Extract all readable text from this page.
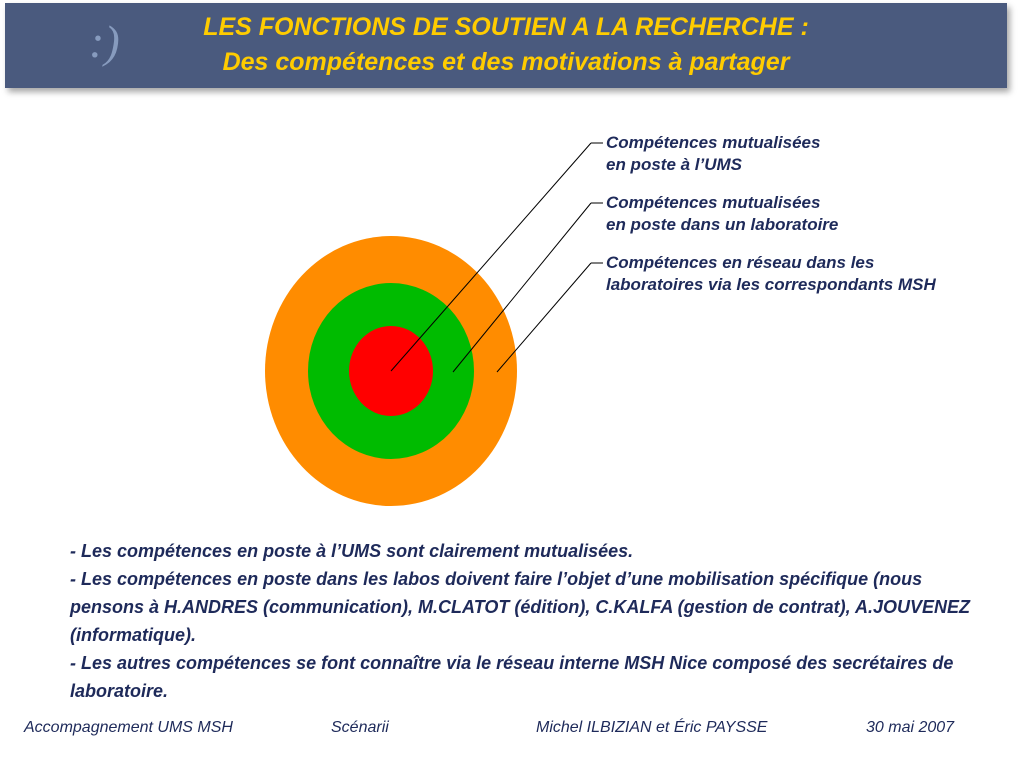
:)	LES FONCTIONS DE SOUTIEN A LA RECHERCHE :
Des compétences et des motivations à partager
Compétences mutualisées
en poste à l’UMS
Compétences mutualisées
en poste dans un laboratoire
Compétences en réseau dans les
laboratoires via les correspondants MSH

- Les compétences en poste à l’UMS sont clairement mutualisées.

- Les compétences en poste dans les labos doivent faire l’objet d’une mobilisation spécifique (nous pensons à H.ANDRES (communication), M.CLATOT (édition), C.KALFA (gestion de contrat), A.JOUVENEZ (informatique).

- Les autres compétences se font connaître via le réseau interne MSH Nice composé des secrétaires de laboratoire.

Accompagnement UMS MSH	Scénarii	Michel ILBIZIAN et Éric PAYSSE	30 mai 2007
